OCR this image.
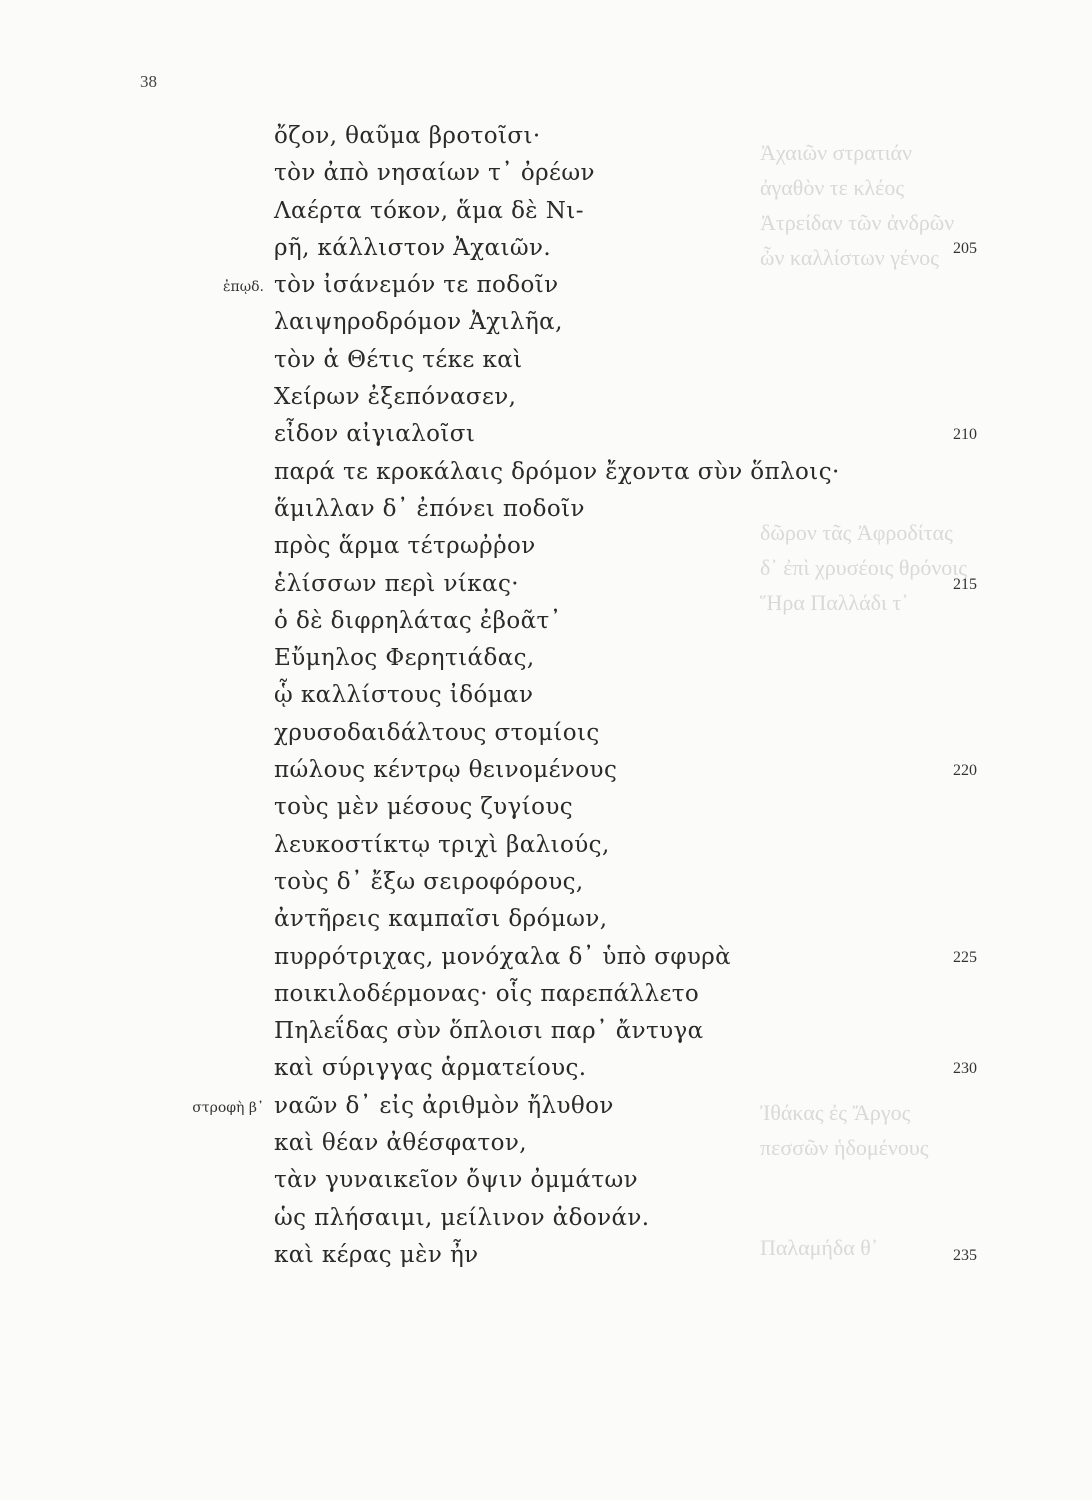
Ἀχαιῶν στρατιάν
ἀγαθὸν τε κλέος
Ἀτρείδαν τῶν ἀνδρῶν
ὦν καλλίστων γένος
δῶρον τᾶς Ἀφροδίτας
δ᾽ ἐπὶ χρυσέοις θρόνοις
Ἥρα Παλλάδι τ᾽
Ἰθάκας ἐς Ἄργος
πεσσῶν ἡδομένους
Παλαμήδα θ᾽
38
ὄζον, θαῦμα βροτοῖσι·
τὸν ἀπὸ νησαίων τ᾽ ὀρέων
Λαέρτα τόκον, ἅμα δὲ Νι-
ρῆ, κάλλιστον Ἀχαιῶν.	205
ἐπῳδ. τὸν ἰσάνεμόν τε ποδοῖν
λαιψηροδρόμον Ἀχιλῆα,
τὸν ἁ Θέτις τέκε καὶ
Χείρων ἐξεπόνασεν,
εἶδον αἰγιαλοῖσι	210
παρά τε κροκάλαις δρόμον ἔχοντα σὺν ὅπλοις·
ἅμιλλαν δ᾽ ἐπόνει ποδοῖν
πρὸς ἅρμα τέτρωῤῥον
ἑλίσσων περὶ νίκας·	215
ὁ δὲ διφρηλάτας ἐβοᾶτ᾽
Εὔμηλος Φερητιάδας,
ᾧ καλλίστους ἰδόμαν
χρυσοδαιδάλτους στομίοις
πώλους κέντρῳ θεινομένους	220
τοὺς μὲν μέσους ζυγίους
λευκοστίκτῳ τριχὶ βαλιούς,
τοὺς δ᾽ ἔξω σειροφόρους,
ἀντῆρεις καμπαῖσι δρόμων,
πυρρότριχας, μονόχαλα δ᾽ ὑπὸ σφυρὰ	225
ποικιλοδέρμονας· οἷς παρεπάλλετο
Πηλεΐδας σὺν ὅπλοισι παρ᾽ ἄντυγα
καὶ σύριγγας ἁρματείους.	230
στροφὴ β᾽ ναῶν δ᾽ εἰς ἀριθμὸν ἤλυθον
καὶ θέαν ἀθέσφατον,
τὰν γυναικεῖον ὄψιν ὀμμάτων
ὡς πλήσαιμι, μείλινον ἀδονάν.
καὶ κέρας μὲν ἦν	235
